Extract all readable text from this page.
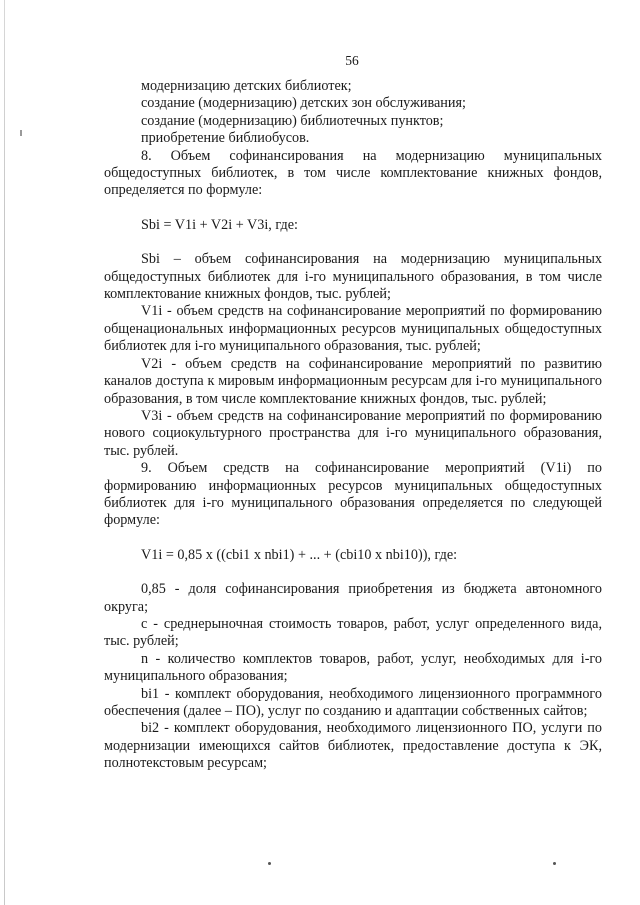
56

модернизацию детских библиотек;

создание (модернизацию) детских зон обслуживания;

создание (модернизацию) библиотечных пунктов;

приобретение библиобусов.

8. Объем софинансирования на модернизацию муниципальных общедоступных библиотек, в том числе комплектование книжных фондов, определяется по формуле:

Sbi = V1i + V2i + V3i, где:

Sbi – объем софинансирования на модернизацию муниципальных общедоступных библиотек для i-го муниципального образования, в том числе комплектование книжных фондов, тыс. рублей;

V1i - объем средств на софинансирование мероприятий по формированию общенациональных информационных ресурсов муниципальных общедоступных библиотек для i-го муниципального образования, тыс. рублей;

V2i - объем средств на софинансирование мероприятий по развитию каналов доступа к мировым информационным ресурсам для i-го муниципального образования, в том числе комплектование книжных фондов, тыс. рублей;

V3i - объем средств на софинансирование мероприятий по формированию нового социокультурного пространства для i-го муниципального образования, тыс. рублей.

9. Объем средств на софинансирование мероприятий (V1i) по формированию информационных ресурсов муниципальных общедоступных библиотек для i-го муниципального образования определяется по следующей формуле:

V1i = 0,85 x ((cbi1 x nbi1) + ... + (cbi10 x nbi10)), где:

0,85 - доля софинансирования приобретения из бюджета автономного округа;

c - среднерыночная стоимость товаров, работ, услуг определенного вида, тыс. рублей;

n - количество комплектов товаров, работ, услуг, необходимых для i-го муниципального образования;

bi1 - комплект оборудования, необходимого лицензионного программного обеспечения (далее – ПО), услуг по созданию и адаптации собственных сайтов;

bi2 - комплект оборудования, необходимого лицензионного ПО, услуги по модернизации имеющихся сайтов библиотек, предоставление доступа к ЭК, полнотекстовым ресурсам;
